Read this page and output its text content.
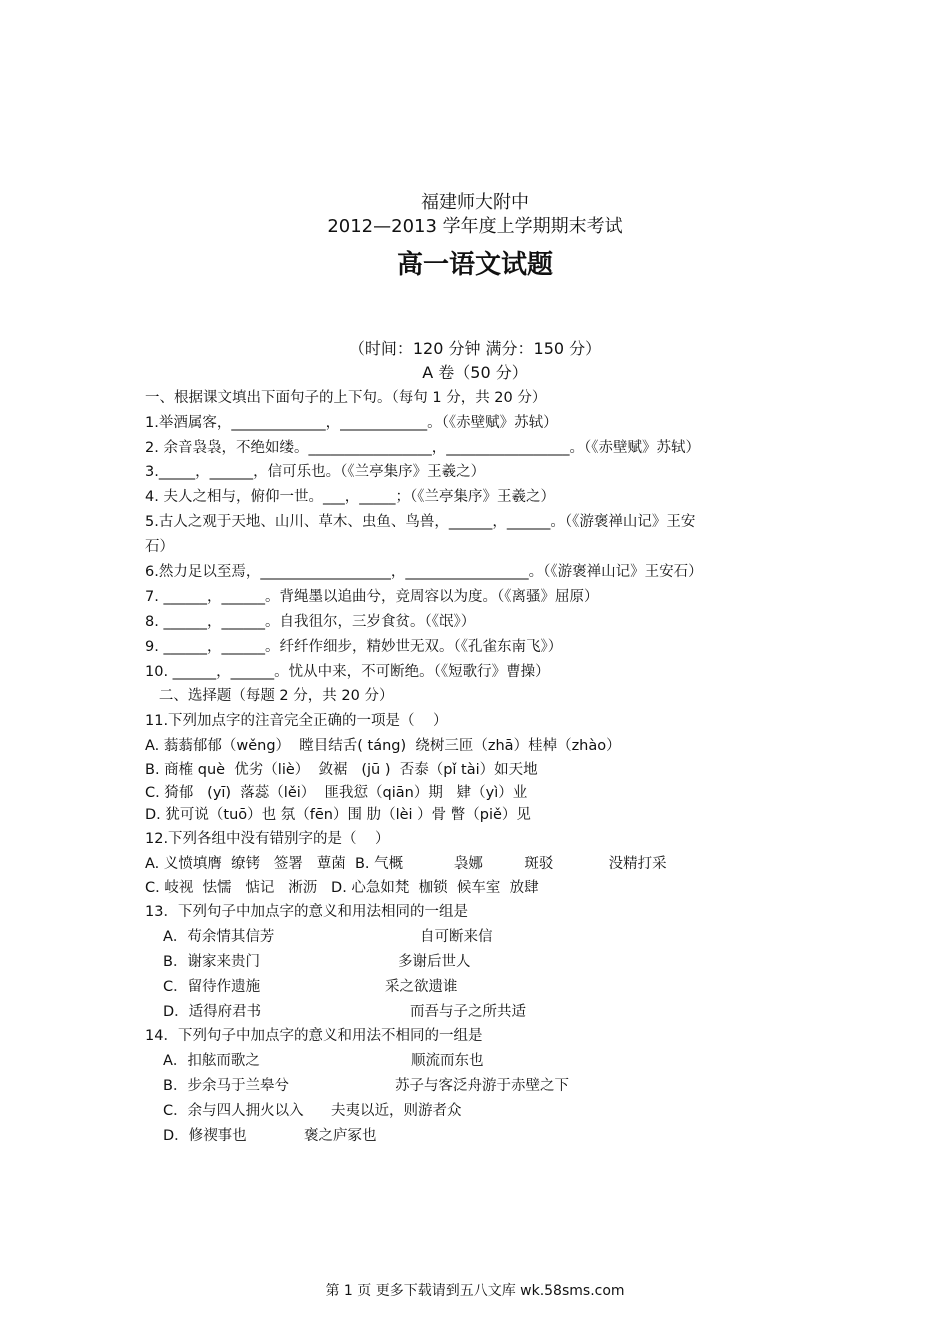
福建师大附中
2012—2013 学年度上学期期末考试
高一语文试题
（时间：120 分钟 满分：150 分）
A 卷（50 分）
一、根据课文填出下面句子的上下句。（每句 1 分，共 20 分）
1.举酒属客，_____________，____________。（《赤壁赋》苏轼）
2. 余音袅袅，不绝如缕。_________________，_________________。（《赤壁赋》苏轼）
3._____，______，信可乐也。（《兰亭集序》王羲之）
4. 夫人之相与，俯仰一世。___，_____；（《兰亭集序》王羲之）
5.古人之观于天地、山川、草木、虫鱼、鸟兽，______，______。（《游褒禅山记》王安
石）
6.然力足以至焉，__________________，_________________。（《游褒禅山记》王安石）
7. ______，______。背绳墨以追曲兮，竞周容以为度。（《离骚》屈原）
8. ______，______。自我徂尔，三岁食贫。（《氓》）
9. ______，______。纤纤作细步，精妙世无双。（《孔雀东南飞》）
10. ______，______。忧从中来，不可断绝。（《短歌行》曹操）
二、选择题（每题 2 分，共 20 分）
11.下列加点字的注音完全正确的一项是（    ）
A. 蓊蓊郁郁（wěng）  瞠目结舌( táng)  绕树三匝（zhā）桂棹（zhào）
B. 商榷 què  优劣（liè）  敛裾   (jū )  否泰（pǐ tài）如天地
C. 猗郁   (yī)  落蕊（lěi）  匪我愆（qiān）期   肄（yì）业
D. 犹可说（tuō）也 氛（fēn）围 肋（lèi ）骨 瞥（piě）见
12.下列各组中没有错别字的是（    ）
A. 义愤填膺  缭铐   签署   蕈菌  B. 气概           袅娜         斑驳            没精打采
C. 岐视  怯懦   惦记   淅沥   D. 心急如梵  枷锁  候车室  放肆
13．下列句子中加点字的意义和用法相同的一组是
A．苟余情其信芳	自可断来信
B．谢家来贵门	多谢后世人
C．留待作遗施	采之欲遗谁
D．适得府君书	而吾与子之所共适
14．下列句子中加点字的意义和用法不相同的一组是
A．扣舷而歌之	顺流而东也
B．步余马于兰皋兮	苏子与客泛舟游于赤壁之下
C．余与四人拥火以入 夫夷以近，则游者众
D．修禊事也	褒之庐冢也
第 1 页 更多下载请到五八文库 wk.58sms.com
